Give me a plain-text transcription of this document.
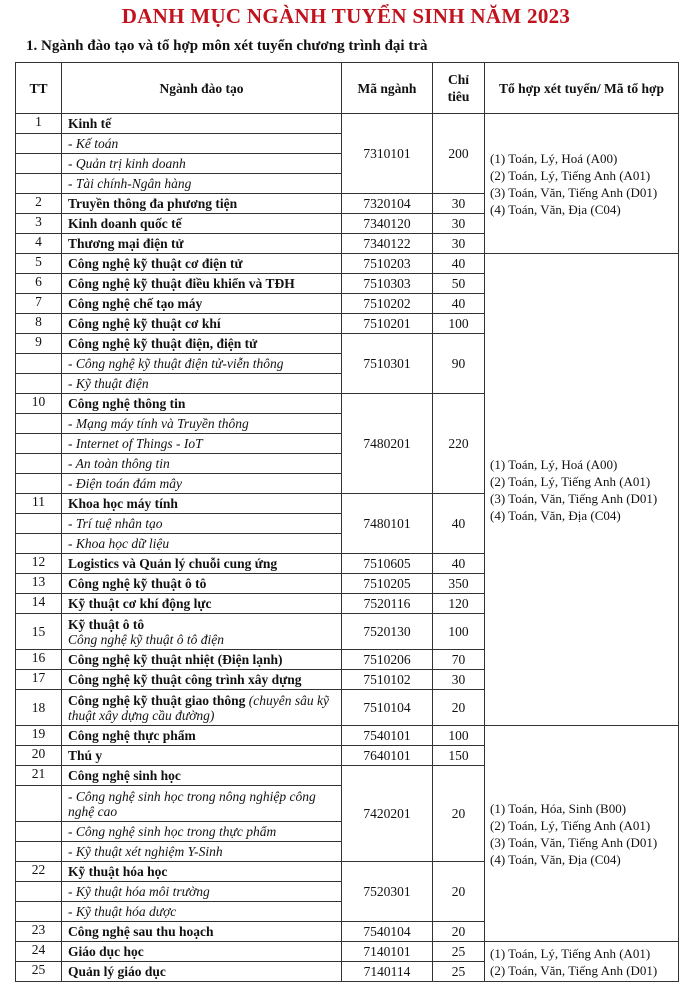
DANH MỤC NGÀNH TUYỂN SINH NĂM 2023
1. Ngành đào tạo và tổ hợp môn xét tuyển chương trình đại trà
TT	Ngành đào tạo	Mã ngành	Chỉ tiêu	Tổ hợp xét tuyển/ Mã tổ hợp
1	Kinh tế	7310101	200	(1) Toán, Lý, Hoá (A00)
(2) Toán, Lý, Tiếng Anh (A01)
(3) Toán, Văn, Tiếng Anh (D01)
(4) Toán, Văn, Địa (C04)

	- Kế toán			
	- Quản trị kinh doanh			
	- Tài chính-Ngân hàng			
2	Truyền thông đa phương tiện	7320104	30	
3	Kinh doanh quốc tế	7340120	30	
4	Thương mại điện tử	7340122	30	
5	Công nghệ kỹ thuật cơ điện tử	7510203	40	(1) Toán, Lý, Hoá (A00)
(2) Toán, Lý, Tiếng Anh (A01)
(3) Toán, Văn, Tiếng Anh (D01)
(4) Toán, Văn, Địa (C04)

6	Công nghệ kỹ thuật điều khiển và TĐH	7510303	50	
7	Công nghệ chế tạo máy	7510202	40	
8	Công nghệ kỹ thuật cơ khí	7510201	100	
9	Công nghệ kỹ thuật điện, điện tử	7510301	90	
	- Công nghệ kỹ thuật điện tử-viễn thông			
	- Kỹ thuật điện			
10	Công nghệ thông tin	7480201	220	
	- Mạng máy tính và Truyền thông			
	- Internet of Things - IoT			
	- An toàn thông tin			
	- Điện toán đám mây			
11	Khoa học máy tính	7480101	40	
	- Trí tuệ nhân tạo			
	- Khoa học dữ liệu			
12	Logistics và Quản lý chuỗi cung ứng	7510605	40	
13	Công nghệ kỹ thuật ô tô	7510205	350	
14	Kỹ thuật cơ khí động lực	7520116	120	
15	Kỹ thuật ô tô
Công nghệ kỹ thuật ô tô điện	7520130	100	
16	Công nghệ kỹ thuật nhiệt (Điện lạnh)	7510206	70	
17	Công nghệ kỹ thuật công trình xây dựng	7510102	30	
18	Công nghệ kỹ thuật giao thông (chuyên sâu kỹ thuật xây dựng cầu đường)	7510104	20	
19	Công nghệ thực phẩm	7540101	100	(1) Toán, Hóa, Sinh (B00)
(2) Toán, Lý, Tiếng Anh (A01)
(3) Toán, Văn, Tiếng Anh (D01)
(4) Toán, Văn, Địa (C04)

20	Thú y	7640101	150	
21	Công nghệ sinh học	7420201	20	
	- Công nghệ sinh học trong nông nghiệp công nghệ cao			
	- Công nghệ sinh học trong thực phẩm			
	- Kỹ thuật xét nghiệm Y-Sinh			
22	Kỹ thuật hóa học	7520301	20	
	- Kỹ thuật hóa môi trường			
	- Kỹ thuật hóa dược			
23	Công nghệ sau thu hoạch	7540104	20	
24	Giáo dục học	7140101	25	(1) Toán, Lý, Tiếng Anh (A01)
(2) Toán, Văn, Tiếng Anh (D01)

25	Quản lý giáo dục	7140114	25	
